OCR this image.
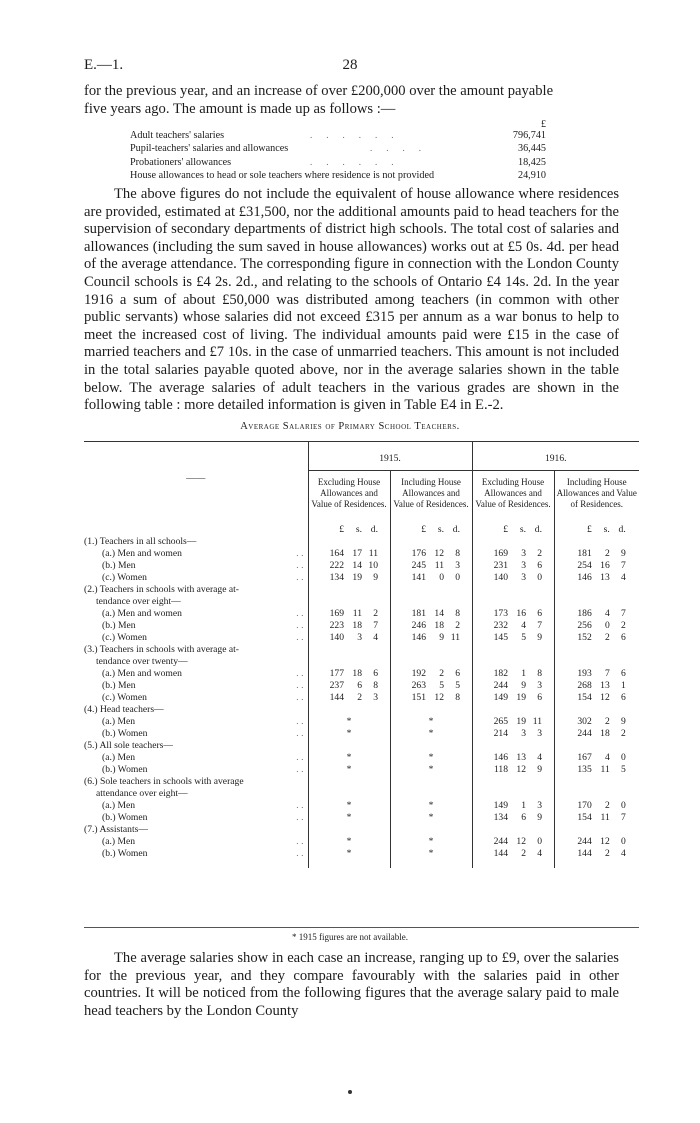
E.—1.	28

for the previous year, and an increase of over £200,000 over the amount payable

five years ago. The amount is made up as follows :—

£
Adult teachers' salaries	......	796,741
Pupil-teachers' salaries and allowances	....	36,445
Probationers' allowances	......	18,425
House allowances to head or sole teachers where residence is not provided	24,910

The above figures do not include the equivalent of house allowance where residences are provided, estimated at £31,500, nor the additional amounts paid to head teachers for the supervision of secondary departments of district high schools. The total cost of salaries and allowances (including the sum saved in house allowances) works out at £5 0s. 4d. per head of the average attendance. The corresponding figure in connection with the London County Council schools is £4 2s. 2d., and relating to the schools of Ontario £4 14s. 2d. In the year 1916 a sum of about £50,000 was distributed among teachers (in common with other public servants) whose salaries did not exceed £315 per annum as a war bonus to help to meet the increased cost of living. The individual amounts paid were £15 in the case of married teachers and £7 10s. in the case of unmarried teachers. This amount is not included in the total salaries payable quoted above, nor in the average salaries shown in the table below. The average salaries of adult teachers in the various grades are shown in the following table : more detailed information is given in Table E4 in E.-2.

Average Salaries of Primary School Teachers.
——	1915.		1916.	
	Excluding House Allowances and Value of Residences.	Including House Allowances and Value of Residences.	Excluding House Allowances and Value of Residences.	Including House Allowances and Value of Residences.
	£ s. d.	£ s. d.	£ s. d.	£ s. d.
(1.) Teachers in all schools—				
(a.) Men and women . .	164 17 11	176 12 8	169 3 2	181 2 9
(b.) Men . .	222 14 10	245 11 3	231 3 6	254 16 7
(c.) Women . .	134 19 9	141 0 0	140 3 0	146 13 4
(2.) Teachers in schools with average at-				
tendance over eight—				
(a.) Men and women . .	169 11 2	181 14 8	173 16 6	186 4 7
(b.) Men . .	223 18 7	246 18 2	232 4 7	256 0 2
(c.) Women . .	140 3 4	146 9 11	145 5 9	152 2 6
(3.) Teachers in schools with average at-				
tendance over twenty—				
(a.) Men and women . .	177 18 6	192 2 6	182 1 8	193 7 6
(b.) Men . .	237 6 8	263 5 5	244 9 3	268 13 1
(c.) Women . .	144 2 3	151 12 8	149 19 6	154 12 6
(4.) Head teachers—				
(a.) Men . .	*	*	265 19 11	302 2 9
(b.) Women . .	*	*	214 3 3	244 18 2
(5.) All sole teachers—				
(a.) Men . .	*	*	146 13 4	167 4 0
(b.) Women . .	*	*	118 12 9	135 11 5
(6.) Sole teachers in schools with average				
attendance over eight—				
(a.) Men . .	*	*	149 1 3	170 2 0
(b.) Women . .	*	*	134 6 9	154 11 7
(7.) Assistants—				
(a.) Men . .	*	*	244 12 0	244 12 0
(b.) Women . .	*	*	144 2 4	144 2 4

* 1915 figures are not available.

The average salaries show in each case an increase, ranging up to £9, over the salaries for the previous year, and they compare favourably with the salaries paid in other countries. It will be noticed from the following figures that the average salary paid to male head teachers by the London County
